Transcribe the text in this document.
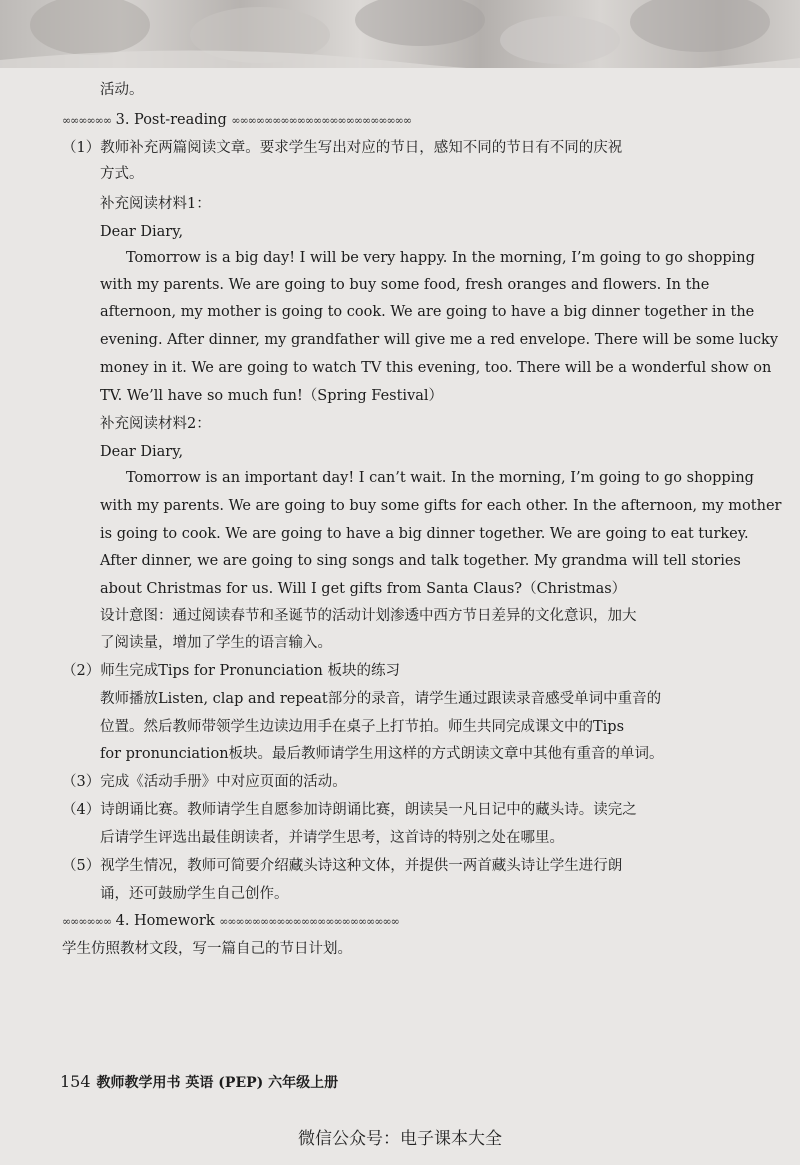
活动。
∞∞∞∞∞∞ 3. Post-reading ∞∞∞∞∞∞∞∞∞∞∞∞∞∞∞∞∞∞∞∞∞∞
（1）教师补充两篇阅读文章。要求学生写出对应的节日，感知不同的节日有不同的庆祝
方式。
补充阅读材料1：
Dear Diary,
Tomorrow is a big day! I will be very happy. In the morning, I’m going to go shopping
with my parents. We are going to buy some food, fresh oranges and flowers. In the
afternoon, my mother is going to cook. We are going to have a big dinner together in the
evening. After dinner, my grandfather will give me a red envelope. There will be some lucky
money in it. We are going to watch TV this evening, too. There will be a wonderful show on
TV. We’ll have so much fun!（Spring Festival）
补充阅读材料2：
Dear Diary,
Tomorrow is an important day! I can’t wait. In the morning, I’m going to go shopping
with my parents. We are going to buy some gifts for each other. In the afternoon, my mother
is going to cook. We are going to have a big dinner together. We are going to eat turkey.
After dinner, we are going to sing songs and talk together. My grandma will tell stories
about Christmas for us. Will I get gifts from Santa Claus?（Christmas）
设计意图：通过阅读春节和圣诞节的活动计划渗透中西方节日差异的文化意识，加大
了阅读量，增加了学生的语言输入。
（2）师生完成Tips for Pronunciation 板块的练习
教师播放Listen, clap and repeat部分的录音，请学生通过跟读录音感受单词中重音的
位置。然后教师带领学生边读边用手在桌子上打节拍。师生共同完成课文中的Tips
for pronunciation板块。最后教师请学生用这样的方式朗读文章中其他有重音的单词。
（3）完成《活动手册》中对应页面的活动。
（4）诗朗诵比赛。教师请学生自愿参加诗朗诵比赛，朗读吴一凡日记中的藏头诗。读完之
后请学生评选出最佳朗读者，并请学生思考，这首诗的特别之处在哪里。
（5）视学生情况，教师可简要介绍藏头诗这种文体，并提供一两首藏头诗让学生进行朗
诵，还可鼓励学生自己创作。
∞∞∞∞∞∞ 4. Homework ∞∞∞∞∞∞∞∞∞∞∞∞∞∞∞∞∞∞∞∞∞∞
学生仿照教材文段，写一篇自己的节日计划。
154 教师教学用书 英语 (PEP) 六年级上册
微信公众号：电子课本大全
